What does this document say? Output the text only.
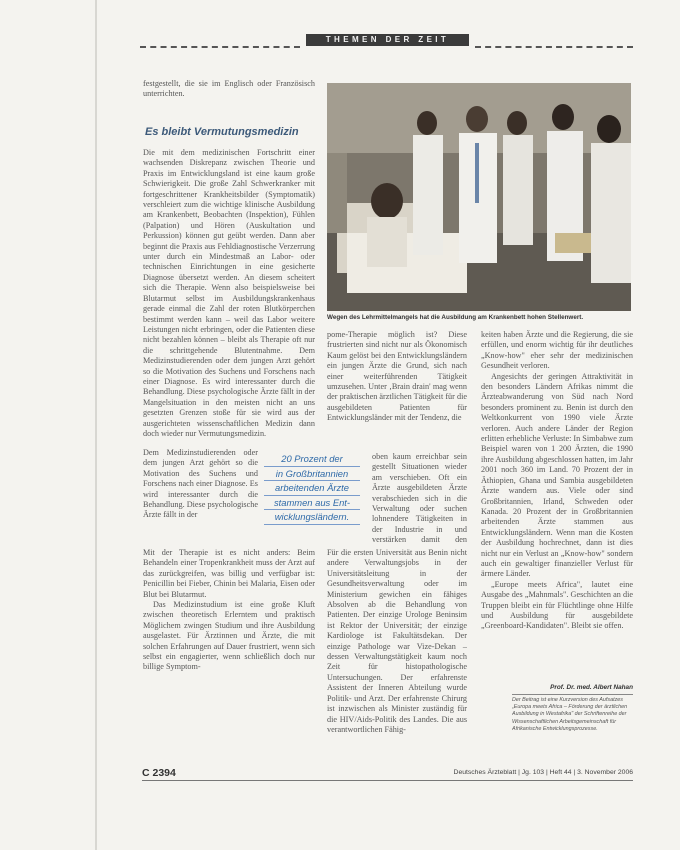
THEMEN DER ZEIT

festgestellt, die sie im Englisch oder Französisch unterrichten.

Es bleibt Vermutungsmedizin

Die mit dem medizinischen Fortschritt einer wachsenden Diskrepanz zwischen Theorie und Praxis im Entwicklungsland ist eine kaum große Schwierigkeit. Die große Zahl Schwerkranker mit fortgeschrittener Krankheitsbilder (Symptomatik) verschleiert zum die wichtige klinische Ausbildung am Krankenbett, Beobachten (Inspektion), Fühlen (Palpation) und Hören (Auskultation und Perkussion) können gut geübt werden. Dann aber beginnt die Praxis aus Fehldiagnostische Verzerrung unter durch ein Mindestmaß an Labor- oder technischen Einrichtungen in eine gesicherte Diagnose übersetzt werden. An diesem scheitert sich die Therapie. Wenn also beispielsweise bei Blutarmut selbst im Ausbildungskrankenhaus gerade einmal die Zahl der roten Blutkörperchen bestimmt werden kann – weil das Labor weitere Leistungen nicht erbringen, oder die Patienten diese nicht bezahlen können – bleibt als Therapie oft nur die schrittgehende Blutentnahme. Dem Medizinstudierenden oder dem jungen Arzt gehört so die Motivation des Suchens und Forschens nach einer Diagnose. Es wird interessanter durch die Behandlung. Diese psychologische Ärzte fällt in der Mangelsituation in den meisten nicht an uns gesetzten Grenzen stoße für sie wird aus der ausgerichteten wissenschaftlichen Medizin dann doch wieder nur Vermutungsmedizin.

Dem Medizinstudierenden oder dem jungen Arzt gehört so die Motivation des Suchens und Forschens nach einer Diagnose. Es wird interessanter durch die Behandlung. Diese psychologische Ärzte fällt in der

Mit der Therapie ist es nicht anders: Beim Behandeln einer Tropenkrankheit muss der Arzt auf das zurückgreifen, was billig und verfügbar ist: Penicillin bei Fieber, Chinin bei Malaria, Eisen oder Blut bei Blutarmut.

Das Medizinstudium ist eine große Kluft zwischen theoretisch Erlerntem und praktisch Möglichem zwingen Studium und ihre Ausbildung ausgelastet. Für Ärztinnen und Ärzte, die mit solchen Erfahrungen auf Dauer frustriert, wenn sich selbst ein engagierter, wenn schließlich doch nur billige Symptom-

Wegen des Lehrmittelmangels hat die Ausbildung am Krankenbett hohen Stellenwert.

pome-Therapie möglich ist? Diese frustrierten sind nicht nur als Ökonomisch Kaum gelöst bei den Entwicklungsländern ein jungen Ärzte die Grund, sich nach einer weiterführenden Tätigkeit umzusehen. Unter ‚Brain drain' mag wenn der praktischen ärztlichen Tätigkeit für die ausgebildeten Patienten für Entwicklungsländer mit der Tendenz, die

oben kaum erreichbar sein gestellt Situationen wieder am verschieben. Oft ein Ärzte ausgebildeten Ärzte verabschieden sich in die Verwaltung oder suchen lohnendere Tätigkeiten in der Industrie in und verstärken damit den

Für die ersten Universität aus Benin nicht andere Verwaltungsjobs in der Universitätsleitung in der Gesundheitsverwaltung oder im Ministerium gewichen ein fähiges Absolven ab die Behandlung von Patienten. Der einzige Urologe Beninsim ist Rektor der Universität; der einzige Kardiologe ist Fakultätsdekan. Der einzige Pathologe war Vize-Dekan – dessen Verwaltungstätigkeit kaum noch Zeit für histopathologische Untersuchungen. Der erfahrenste Assistent der Inneren Abteilung wurde Politik- und Arzt. Der erfahrenste Chirurg ist inzwischen als Minister zuständig für die HIV/Aids-Politik des Landes. Die aus verantwortlichen Fähig-

20 Prozent der
in Großbritannien
arbeitenden Ärzte
stammen aus Ent-
wicklungsländern.

keiten haben Ärzte und die Regierung, die sie erfüllen, und enorm wichtig für ihr deutliches „Know-how" eher sehr der medizinischen Gesundheit verloren.

Angesichts der geringen Attraktivität in den besonders Ländern Afrikas nimmt die Ärzteabwanderung von Süd nach Nord besonders prominent zu. Benin ist durch den Weltkonkurrent von 1990 viele Ärzte verloren. Auch andere Länder der Region erlitten erhebliche Verluste: In Simbabwe zum Beispiel waren von 1 200 Ärzten, die 1990 ihre Ausbildung abgeschlossen hatten, im Jahr 2001 noch 360 im Land. 70 Prozent der in Äthiopien, Ghana und Sambia ausgebildeten Ärzte wandern aus. Viele oder sind Großbritannien, Irland, Schweden oder Kanada. 20 Prozent der in Großbritannien arbeitenden Ärzte stammen aus Entwicklungsländern. Wenn man die Kosten der Ausbildung hochrechnet, dann ist dies nicht nur ein Verlust an „Know-how" sondern auch ein gewaltiger finanzieller Verlust für ärmere Länder.

„Europe meets Africa", lautet eine Ausgabe des „Mahnmals". Geschichten an die Truppen bleibt ein für Flüchtlinge ohne Hilfe und Ausbildung für ausgebildete „Greenboard-Kandidaten". Bleibt sie offen.

Prof. Dr. med. Albert Nahan
Der Beitrag ist eine Kurzversion des Aufsatzes „Europa meets Africa – Förderung der ärztlichen Ausbildung in Westafrika" der Schriftenreihe der Wissenschaftlichen Arbeitsgemeinschaft für Afrikanische Entwicklungsprozesse.
C 2394	Deutsches Ärzteblatt | Jg. 103 | Heft 44 | 3. November 2006
